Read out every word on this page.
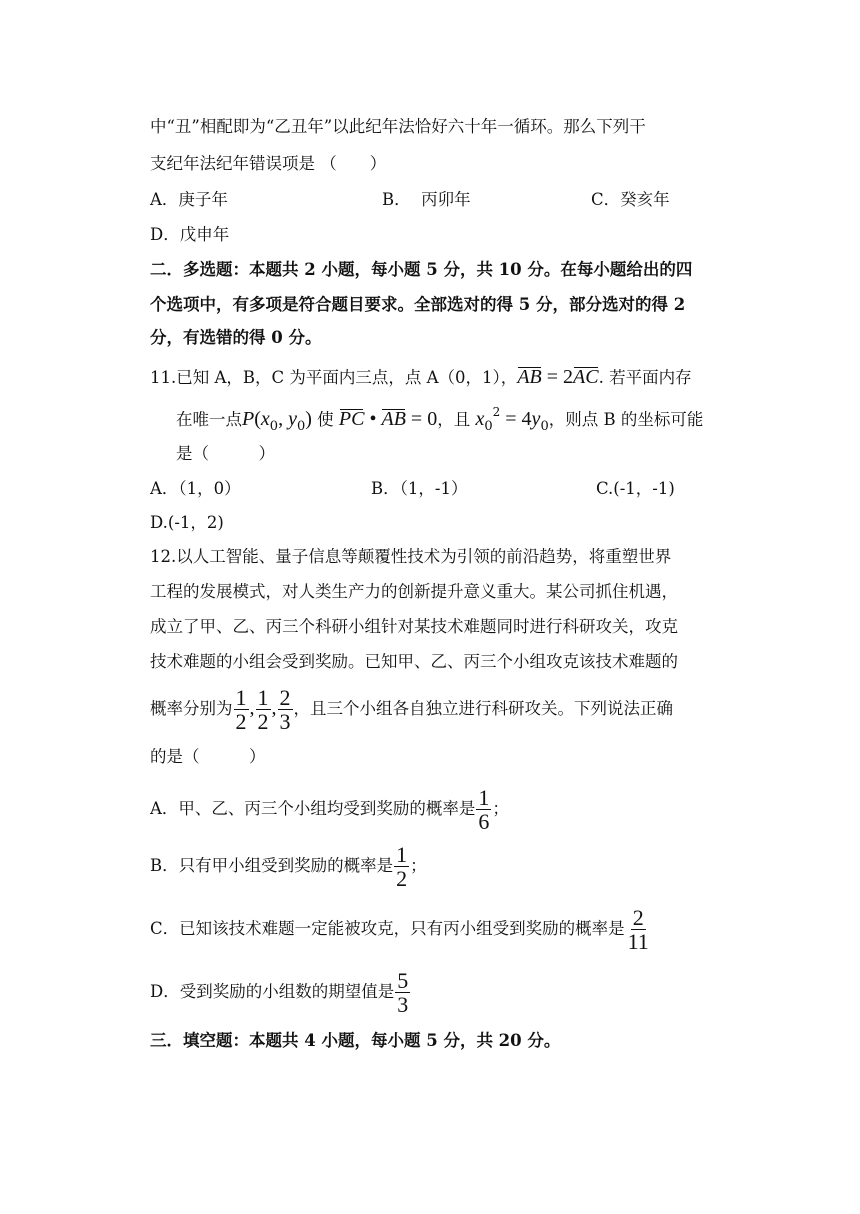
中“丑”相配即为“乙丑年”以此纪年法恰好六十年一循环。那么下列干
支纪年法纪年错误项是 （　　）
A．庚子年	B． 丙卯年	C．癸亥年
D．戊申年
二．多选题：本题共 2 小题，每小题 5 分，共 10 分。在每小题给出的四
个选项中，有多项是符合题目要求。全部选对的得 5 分，部分选对的得 2
分，有选错的得 0 分。
11.已知 A，B，C 为平面内三点，点 A（0，1），AB = 2AC. 若平面内存
在唯一点$P(x_0$, $y_0$) 使 PC • AB = 0，且 $x_0^2 = 4y_0$，则点 B 的坐标可能
是（　　　）
A．（1，0）	B．（1，-1）	C.(-1，-1)
D.(-1，2)
12.以人工智能、量子信息等颠覆性技术为引领的前沿趋势，将重塑世界
工程的发展模式，对人类生产力的创新提升意义重大。某公司抓住机遇，
成立了甲、乙、丙三个科研小组针对某技术难题同时进行科研攻关，攻克
技术难题的小组会受到奖励。已知甲、乙、丙三个小组攻克该技术难题的
概率分别为 $\frac{1}{2}$ , $\frac{1}{2}$ , $\frac{2}{3}$ ，且三个小组各自独立进行科研攻关。下列说法正确
的是（　　　）
A．甲、乙、丙三个小组均受到奖励的概率是 $\frac{1}{6}$ ；
B．只有甲小组受到奖励的概率是 $\frac{1}{2}$ ；
C．已知该技术难题一定能被攻克，只有丙小组受到奖励的概率是 $\frac{2}{11}$
D．受到奖励的小组数的期望值是 $\frac{5}{3}$
三．填空题：本题共 4 小题，每小题 5 分，共 20 分。
